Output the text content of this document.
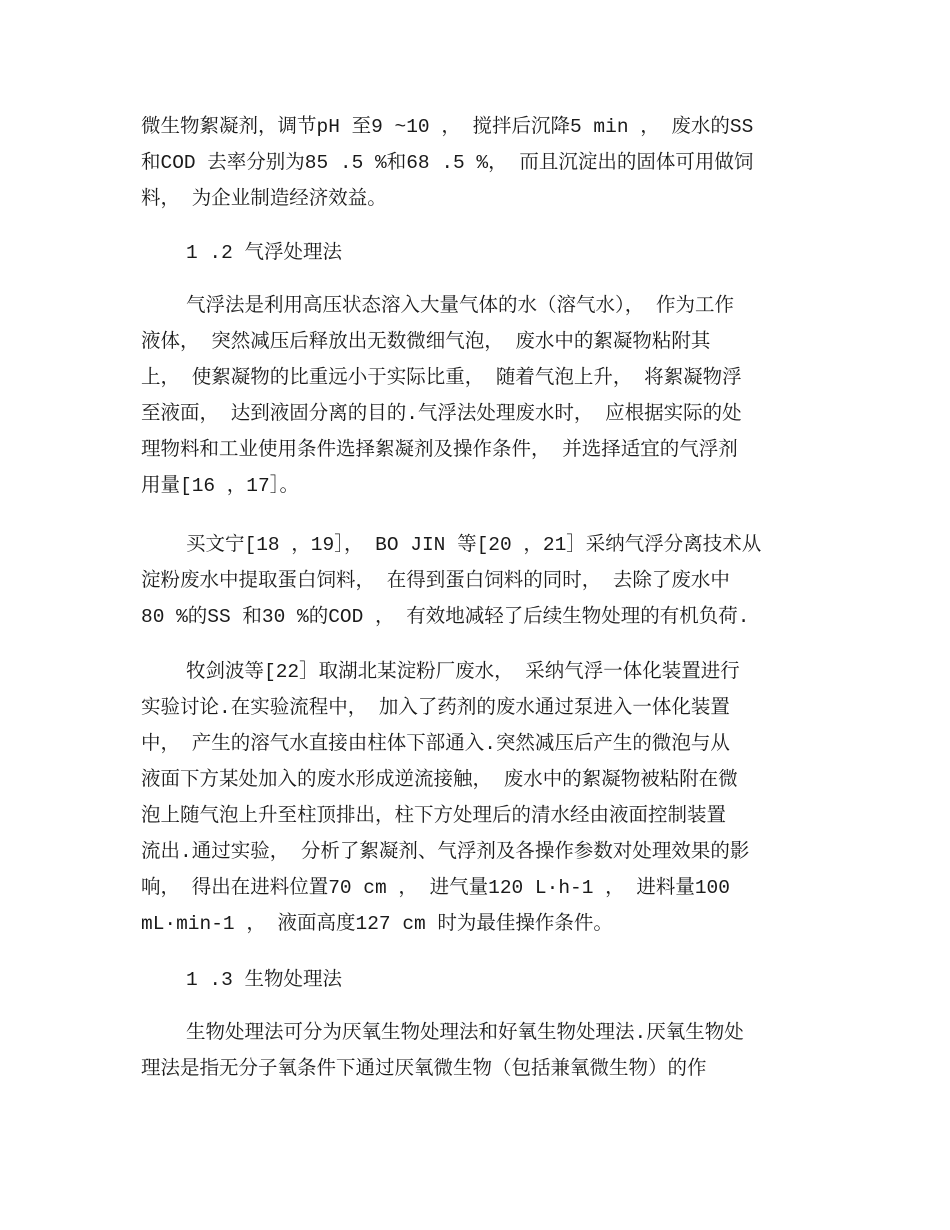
微生物絮凝剂，调节pH 至9 ~10 ， 搅拌后沉降5 min ， 废水的SS

和COD 去率分别为85 .5 %和68 .5 %， 而且沉淀出的固体可用做饲

料， 为企业制造经济效益。

1 .2 气浮处理法

气浮法是利用高压状态溶入大量气体的水（溶气水）， 作为工作

液体， 突然减压后释放出无数微细气泡， 废水中的絮凝物粘附其

上， 使絮凝物的比重远小于实际比重， 随着气泡上升， 将絮凝物浮

至液面， 达到液固分离的目的.气浮法处理废水时， 应根据实际的处

理物料和工业使用条件选择絮凝剂及操作条件， 并选择适宜的气浮剂

用量[16 ，17］。

买文宁[18 ，19］， BO JIN 等[20 ，21］采纳气浮分离技术从

淀粉废水中提取蛋白饲料， 在得到蛋白饲料的同时， 去除了废水中

80 %的SS 和30 %的COD ， 有效地减轻了后续生物处理的有机负荷.

牧剑波等[22］取湖北某淀粉厂废水， 采纳气浮一体化装置进行

实验讨论.在实验流程中， 加入了药剂的废水通过泵进入一体化装置

中， 产生的溶气水直接由柱体下部通入.突然减压后产生的微泡与从

液面下方某处加入的废水形成逆流接触， 废水中的絮凝物被粘附在微

泡上随气泡上升至柱顶排出，柱下方处理后的清水经由液面控制装置

流出.通过实验， 分析了絮凝剂、气浮剂及各操作参数对处理效果的影

响， 得出在进料位置70 cm ， 进气量120 L·h-1 ， 进料量100

mL·min-1 ， 液面高度127 cm 时为最佳操作条件。

1 .3 生物处理法

生物处理法可分为厌氧生物处理法和好氧生物处理法.厌氧生物处

理法是指无分子氧条件下通过厌氧微生物（包括兼氧微生物）的作
